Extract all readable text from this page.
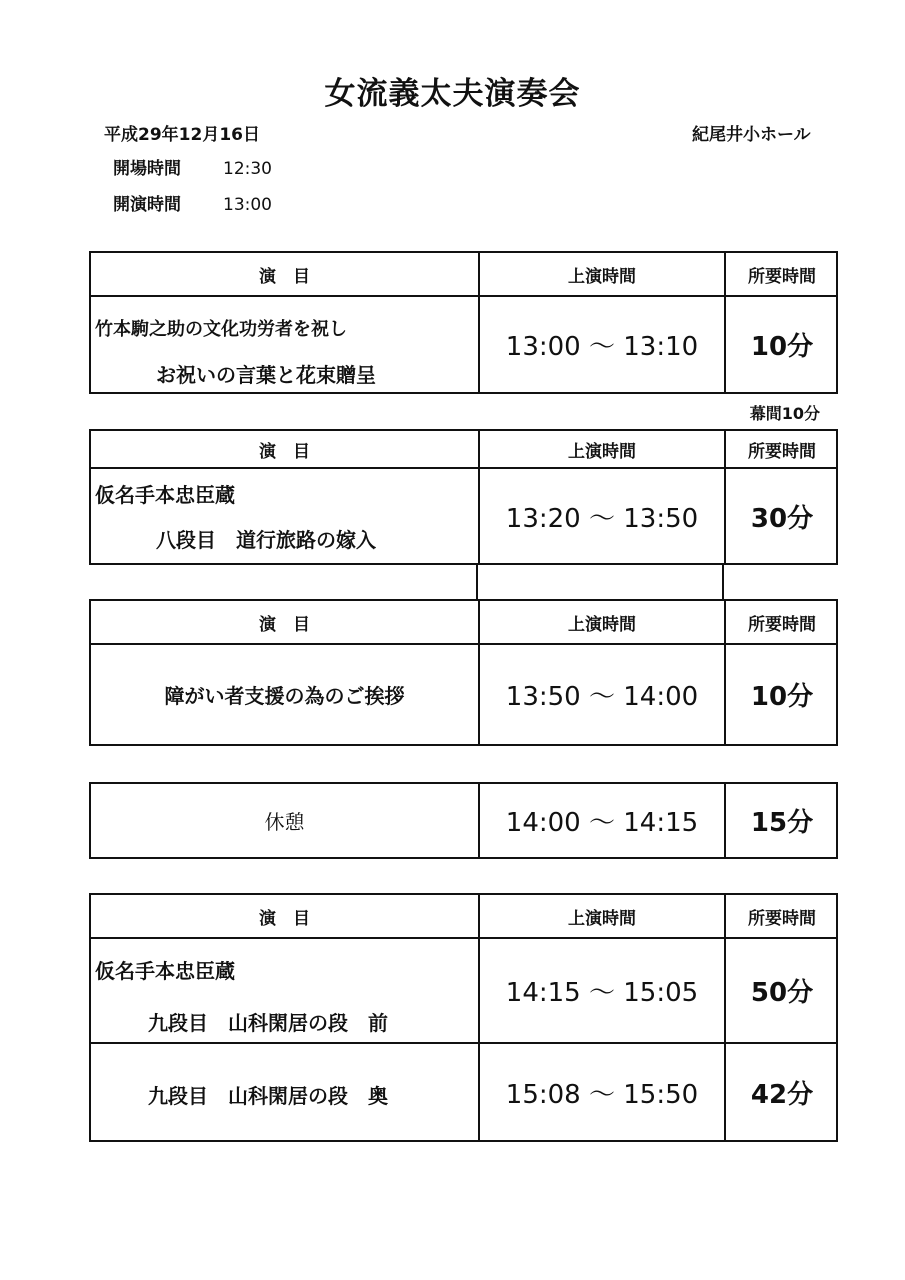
女流義太夫演奏会
平成29年12月16日	紀尾井小ホール
開場時間 12:30
開演時間 13:00
演　目	上演時間	所要時間
竹本駒之助の文化功労者を祝し
お祝いの言葉と花束贈呈
13:00 〜 13:10	10分
幕間10分
演　目	上演時間	所要時間
仮名手本忠臣蔵
八段目　道行旅路の嫁入
13:20 〜 13:50	30分
演　目	上演時間	所要時間
障がい者支援の為のご挨拶	13:50 〜 14:00	10分
休憩	14:00 〜 14:15	15分
演　目	上演時間	所要時間
仮名手本忠臣蔵
九段目　山科閑居の段　前
14:15 〜 15:05	50分
九段目　山科閑居の段　奥	15:08 〜 15:50	42分
